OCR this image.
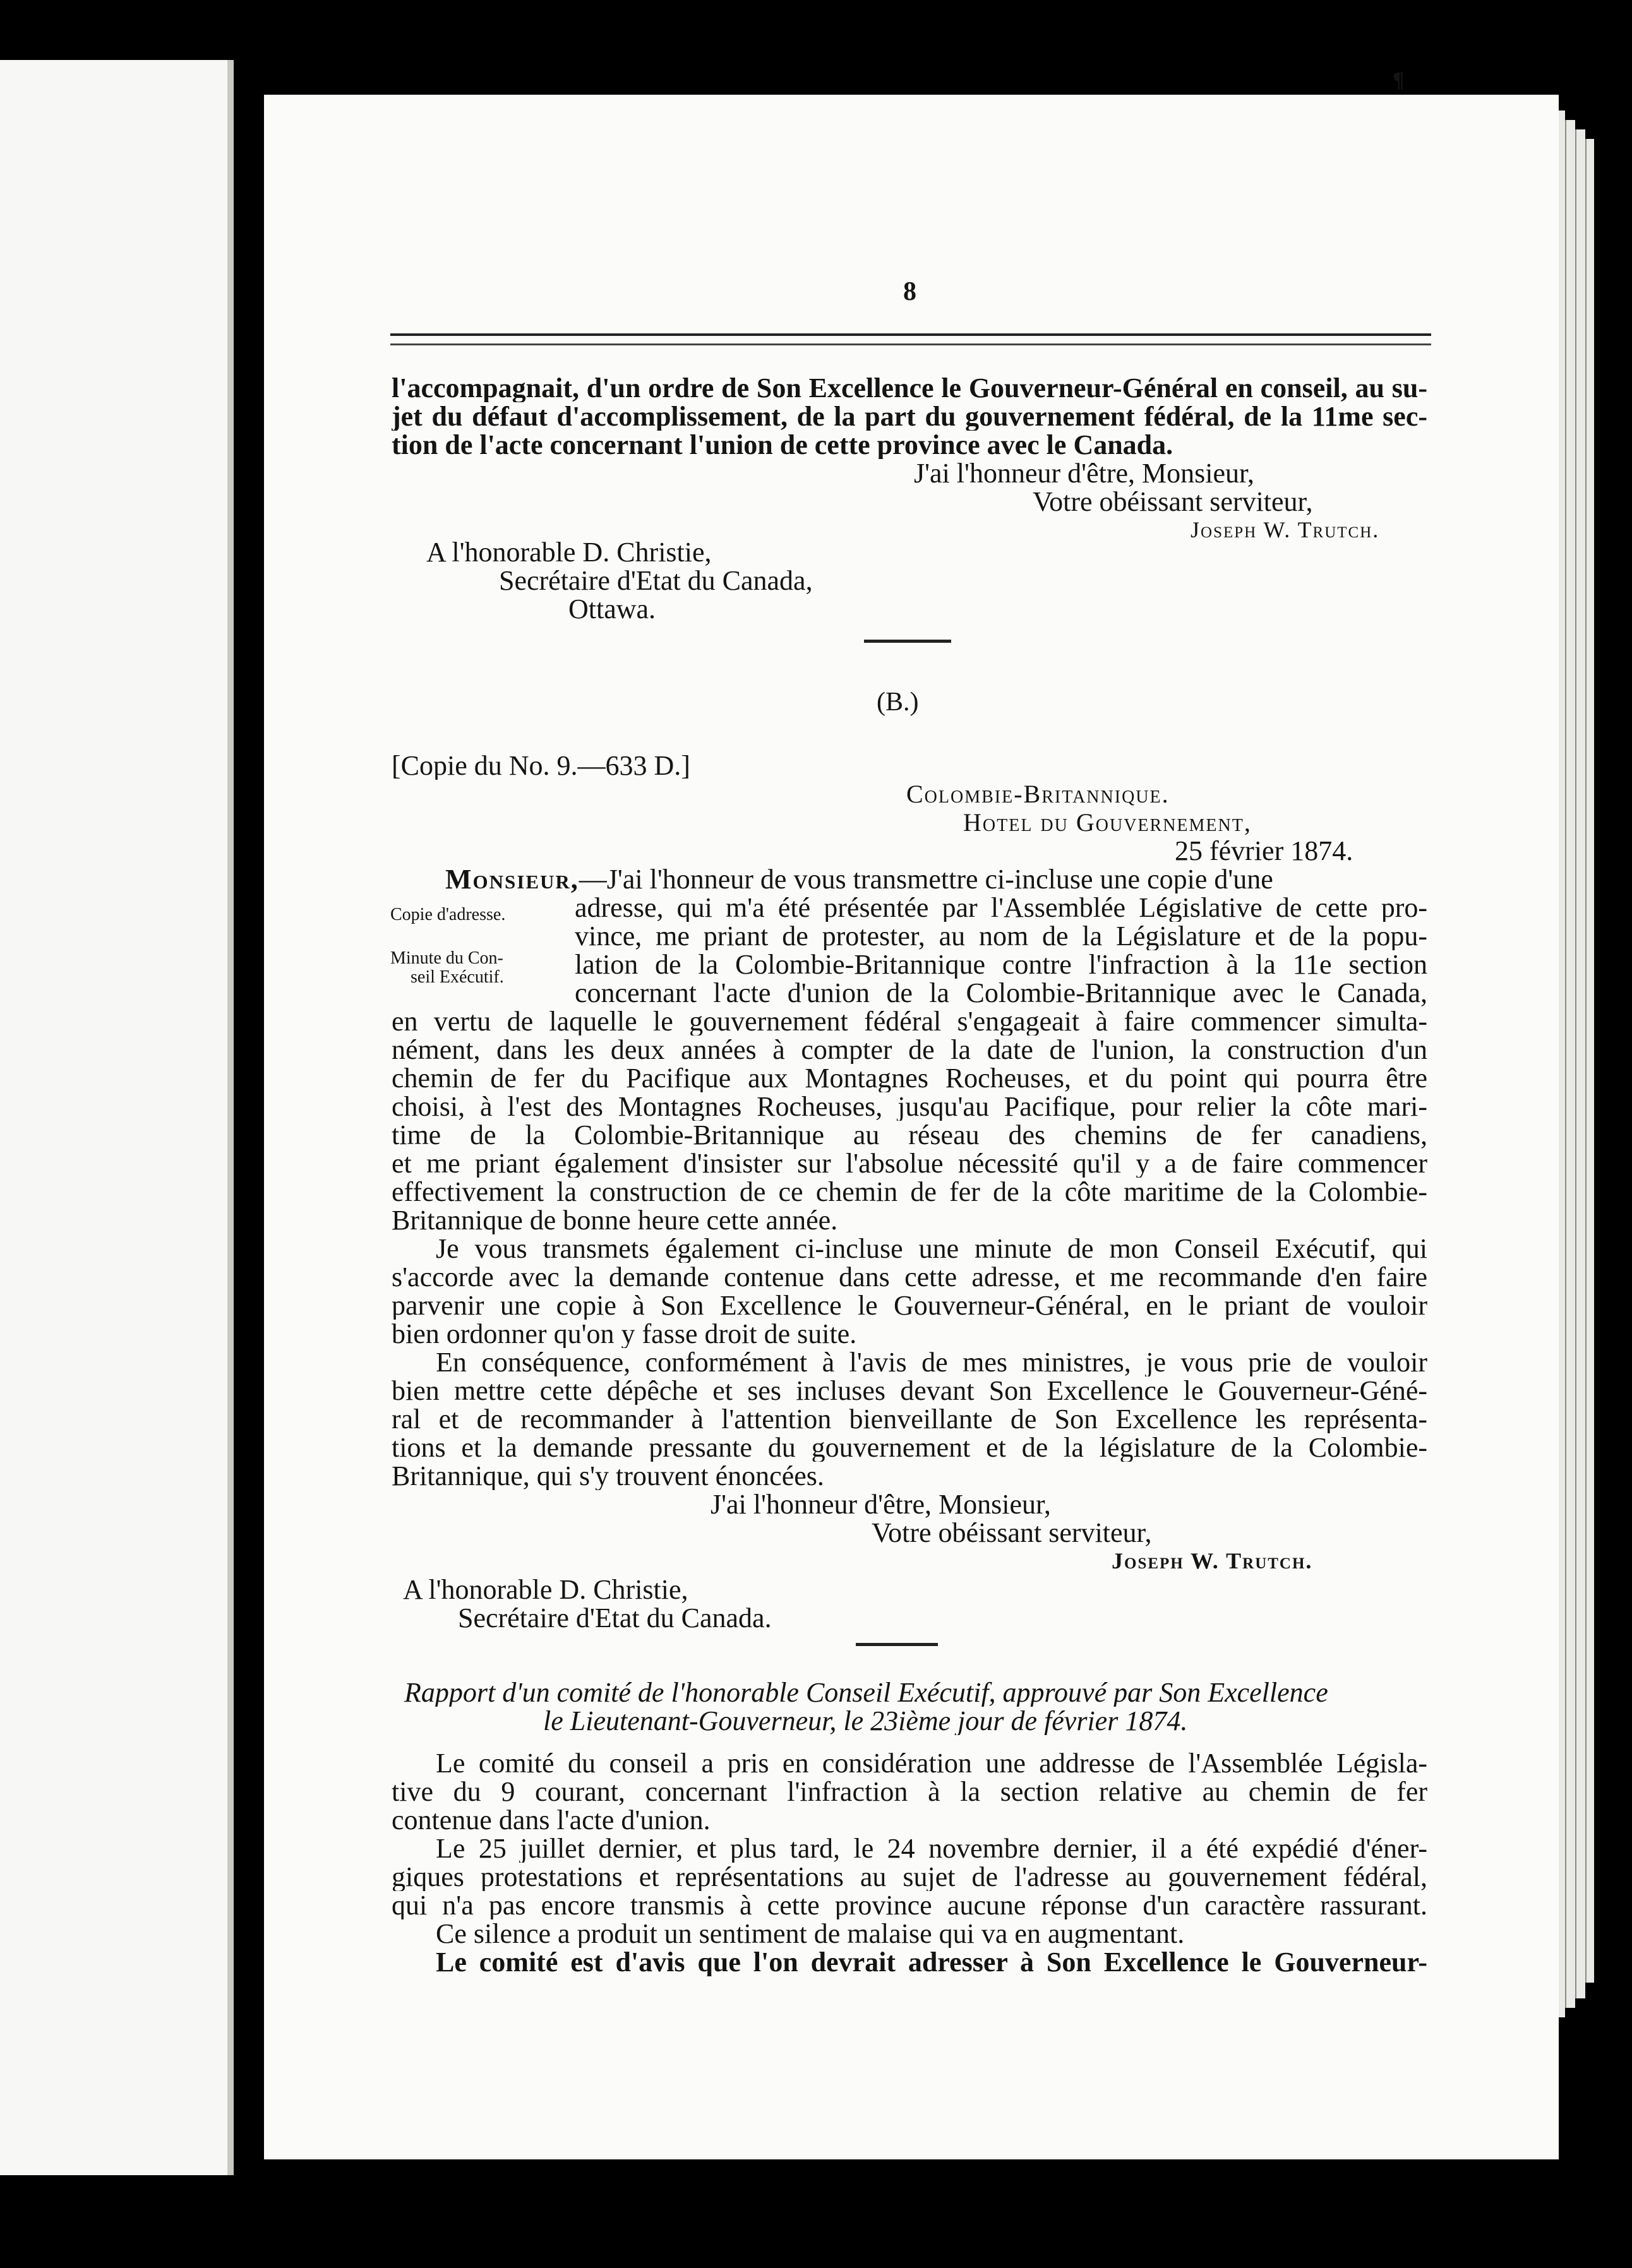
¶
8
l'accompagnait, d'un ordre de Son Excellence le Gouverneur-Général en conseil, au su-
jet du défaut d'accomplissement, de la part du gouvernement fédéral, de la 11me sec-
tion de l'acte concernant l'union de cette province avec le Canada.
J'ai l'honneur d'être, Monsieur,
Votre obéissant serviteur,
Joseph W. Trutch.
A l'honorable D. Christie,
Secrétaire d'Etat du Canada,
Ottawa.
(B.)
[Copie du No. 9.—633 D.]
Colombie-Britannique.
Hotel du Gouvernement,
25 février 1874.
Copie d'adresse.
Minute du Con-
seil Exécutif.
Monsieur,—J'ai l'honneur de vous transmettre ci-incluse une copie d'une
adresse, qui m'a été présentée par l'Assemblée Législative de cette pro-
vince, me priant de protester, au nom de la Législature et de la popu-
lation de la Colombie-Britannique contre l'infraction à la 11e section
concernant l'acte d'union de la Colombie-Britannique avec le Canada,
en vertu de laquelle le gouvernement fédéral s'engageait à faire commencer simulta-
nément, dans les deux années à compter de la date de l'union, la construction d'un
chemin de fer du Pacifique aux Montagnes Rocheuses, et du point qui pourra être
choisi, à l'est des Montagnes Rocheuses, jusqu'au Pacifique, pour relier la côte mari-
time de la Colombie-Britannique au réseau des chemins de fer canadiens,
et me priant également d'insister sur l'absolue nécessité qu'il y a de faire commencer
effectivement la construction de ce chemin de fer de la côte maritime de la Colombie-
Britannique de bonne heure cette année.
Je vous transmets également ci-incluse une minute de mon Conseil Exécutif, qui
s'accorde avec la demande contenue dans cette adresse, et me recommande d'en faire
parvenir une copie à Son Excellence le Gouverneur-Général, en le priant de vouloir
bien ordonner qu'on y fasse droit de suite.
En conséquence, conformément à l'avis de mes ministres, je vous prie de vouloir
bien mettre cette dépêche et ses incluses devant Son Excellence le Gouverneur-Géné-
ral et de recommander à l'attention bienveillante de Son Excellence les représenta-
tions et la demande pressante du gouvernement et de la législature de la Colombie-
Britannique, qui s'y trouvent énoncées.
J'ai l'honneur d'être, Monsieur,
Votre obéissant serviteur,
Joseph W. Trutch.
A l'honorable D. Christie,
Secrétaire d'Etat du Canada.
Rapport d'un comité de l'honorable Conseil Exécutif, approuvé par Son Excellence
le Lieutenant-Gouverneur, le 23ième jour de février 1874.
Le comité du conseil a pris en considération une addresse de l'Assemblée Législa-
tive du 9 courant, concernant l'infraction à la section relative au chemin de fer
contenue dans l'acte d'union.
Le 25 juillet dernier, et plus tard, le 24 novembre dernier, il a été expédié d'éner-
giques protestations et représentations au sujet de l'adresse au gouvernement fédéral,
qui n'a pas encore transmis à cette province aucune réponse d'un caractère rassurant.
Ce silence a produit un sentiment de malaise qui va en augmentant.
Le comité est d'avis que l'on devrait adresser à Son Excellence le Gouverneur-
